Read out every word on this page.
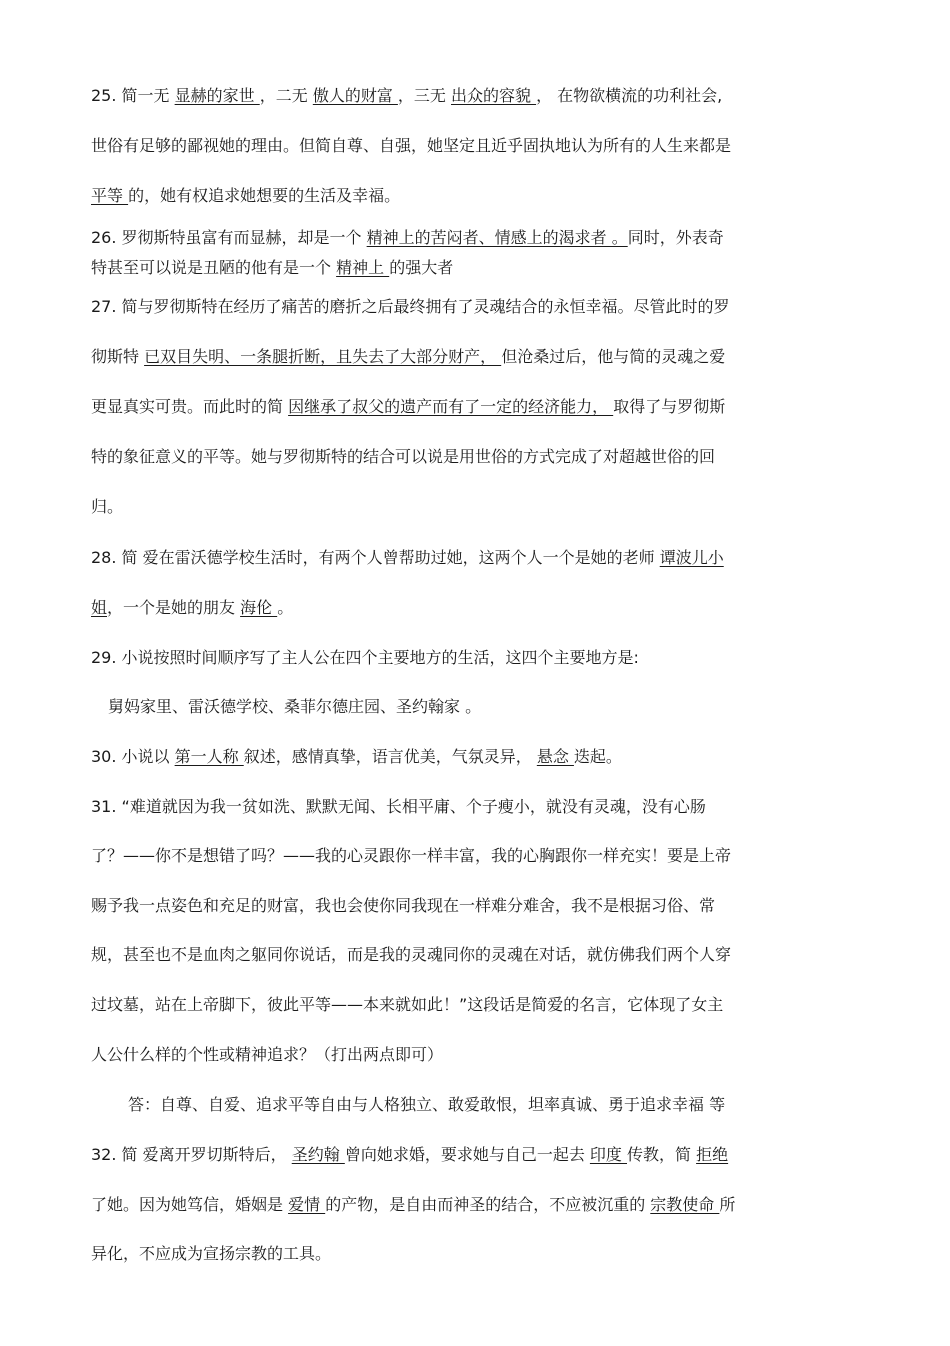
25. 简一无 显赫的家世 ，二无 傲人的财富 ，三无 出众的容貌 ， 在物欲横流的功利社会,
世俗有足够的鄙视她的理由。但简自尊、自强，她坚定且近乎固执地认为所有的人生来都是
平等 的，她有权追求她想要的生活及幸福。
26. 罗彻斯特虽富有而显赫，却是一个 精神上的苦闷者、情感上的渴求者 。同时，外表奇
特甚至可以说是丑陋的他有是一个 精神上 的强大者
27. 简与罗彻斯特在经历了痛苦的磨折之后最终拥有了灵魂结合的永恒幸福。尽管此时的罗
彻斯特 已双目失明、一条腿折断，且失去了大部分财产， 但沧桑过后，他与简的灵魂之爱
更显真实可贵。而此时的简 因继承了叔父的遗产而有了一定的经济能力， 取得了与罗彻斯
特的象征意义的平等。她与罗彻斯特的结合可以说是用世俗的方式完成了对超越世俗的回
归。
28. 简 爱在雷沃德学校生活时，有两个人曾帮助过她，这两个人一个是她的老师 谭波儿小
姐，一个是她的朋友 海伦 。
29. 小说按照时间顺序写了主人公在四个主要地方的生活，这四个主要地方是:
舅妈家里、雷沃德学校、桑菲尔德庄园、圣约翰家 。
30. 小说以 第一人称 叙述，感情真挚，语言优美，气氛灵异， 悬念 迭起。
31. “难道就因为我一贫如洗、默默无闻、长相平庸、个子瘦小，就没有灵魂，没有心肠
了？——你不是想错了吗？——我的心灵跟你一样丰富，我的心胸跟你一样充实！要是上帝
赐予我一点姿色和充足的财富，我也会使你同我现在一样难分难舍，我不是根据习俗、常
规，甚至也不是血肉之躯同你说话，而是我的灵魂同你的灵魂在对话，就仿佛我们两个人穿
过坟墓，站在上帝脚下，彼此平等——本来就如此！”这段话是简爱的名言，它体现了女主
人公什么样的个性或精神追求？（打出两点即可）
答：自尊、自爱、追求平等自由与人格独立、敢爱敢恨，坦率真诚、勇于追求幸福 等
32. 简 爱离开罗切斯特后， 圣约翰 曾向她求婚，要求她与自己一起去 印度 传教，简 拒绝
了她。因为她笃信，婚姻是 爱情 的产物，是自由而神圣的结合，不应被沉重的 宗教使命 所
异化，不应成为宣扬宗教的工具。
